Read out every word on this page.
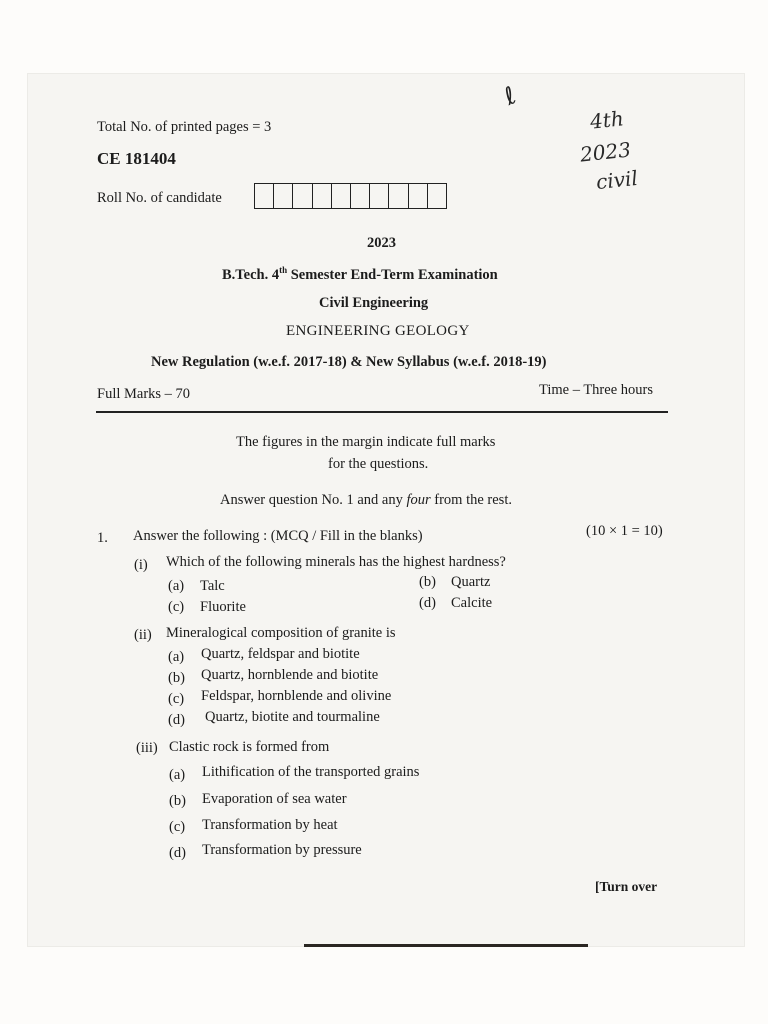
Total No. of printed pages = 3
CE 181404
Roll No. of candidate
ℓ
4th
2023
civil
2023
B.Tech. 4th Semester End-Term Examination
Civil Engineering
ENGINEERING GEOLOGY
New Regulation (w.e.f. 2017-18) & New Syllabus (w.e.f. 2018-19)
Full Marks – 70	Time – Three hours
The figures in the margin indicate full marks
for the questions.
Answer question No. 1 and any four from the rest.
1. Answer the following : (MCQ / Fill in the blanks)	(10 × 1 = 10)
(i) Which of the following minerals has the highest hardness?
(a) Talc	(b) Quartz
(c) Fluorite	(d) Calcite
(ii) Mineralogical composition of granite is
(a) Quartz, feldspar and biotite
(b) Quartz, hornblende and biotite
(c) Feldspar, hornblende and olivine
(d) Quartz, biotite and tourmaline
(iii) Clastic rock is formed from
(a) Lithification of the transported grains
(b) Evaporation of sea water
(c) Transformation by heat
(d) Transformation by pressure
[Turn over
